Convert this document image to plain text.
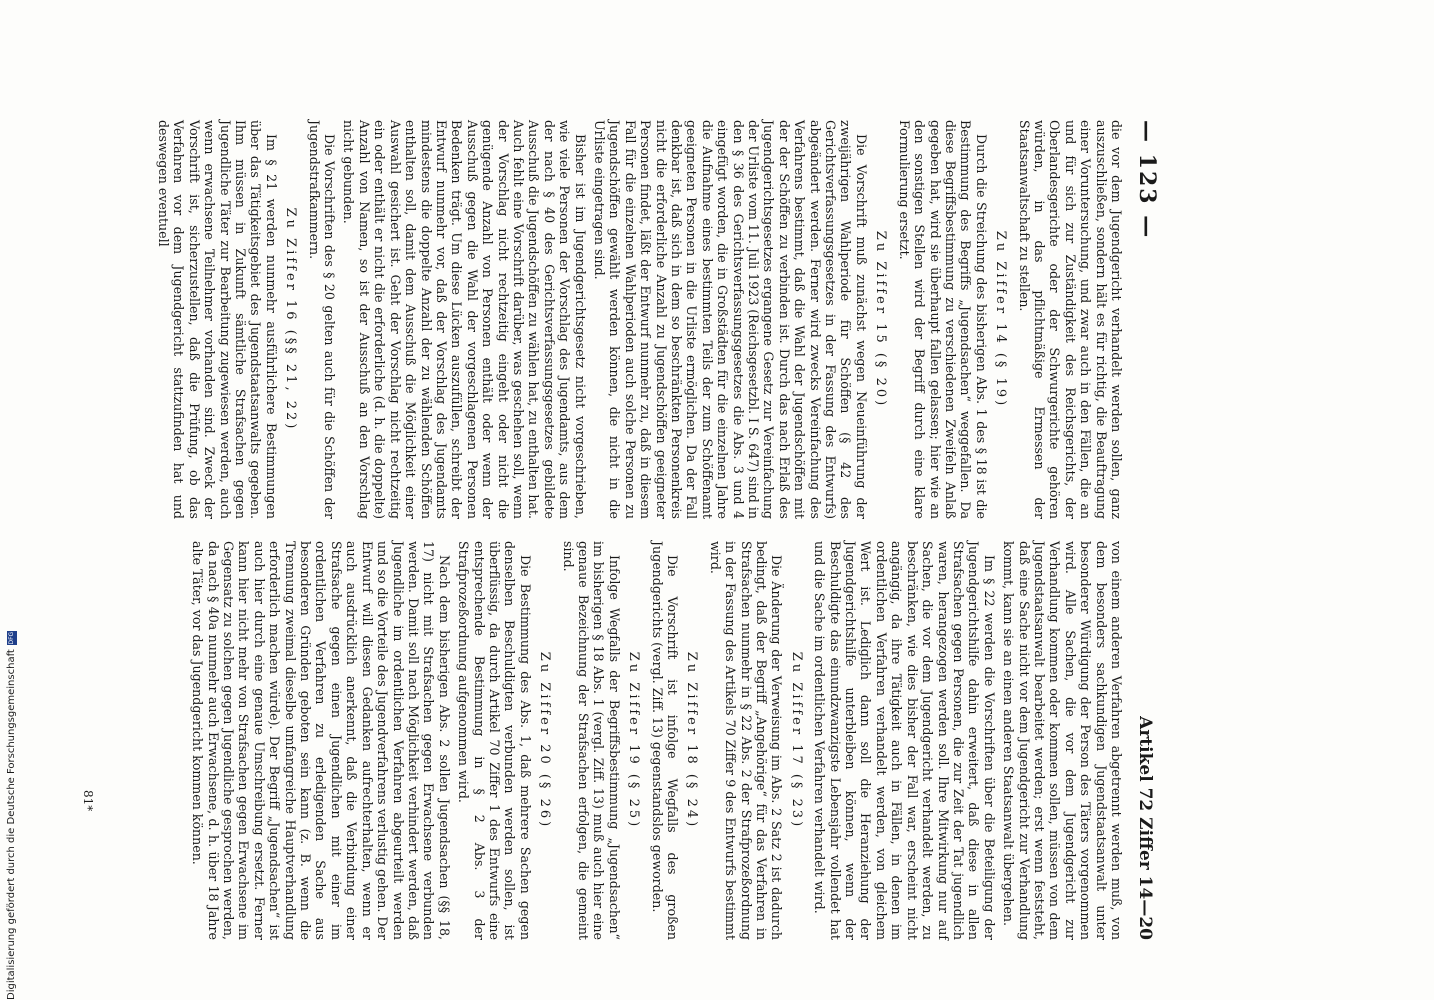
— 123 —
Artikel 72 Ziffer 14—20

die vor dem Jugendgericht verhandelt werden sollen, ganz auszuschließen, sondern hält es für richtig, die Beauftragung einer Voruntersuchung, und zwar auch in den Fällen, die an und für sich zur Zuständigkeit des Reichsgerichts, der Oberlandesgerichte oder der Schwurgerichte gehören würden, in das pflichtmäßige Ermessen der Staatsanwaltschaft zu stellen.

Zu Ziffer 14 (§ 19)

Durch die Streichung des bisherigen Abs. 1 des § 18 ist die Bestimmung des Begriffs „Jugendsachen“ weggefallen. Da diese Begriffsbestimmung zu verschiedenen Zweifeln Anlaß gegeben hat, wird sie überhaupt fallen gelassen; hier wie an den sonstigen Stellen wird der Begriff durch eine klare Formulierung ersetzt.

Zu Ziffer 15 (§ 20)

Die Vorschrift muß zunächst wegen Neueinführung der zweijährigen Wahlperiode für Schöffen (§ 42 des Gerichtsverfassungsgesetzes in der Fassung des Entwurfs) abgeändert werden. Ferner wird zwecks Vereinfachung des Verfahrens bestimmt, daß die Wahl der Jugendschöffen mit der der Schöffen zu verbinden ist. Durch das nach Erlaß des Jugendgerichtsgesetzes ergangene Gesetz zur Vereinfachung der Urliste vom 11. Juli 1923 (Reichsgesetzbl. I S. 647) sind in den § 36 des Gerichtsverfassungsgesetzes die Abs. 3 und 4 eingefügt worden, die in Großstädten für die einzelnen Jahre die Aufnahme eines bestimmten Teils der zum Schöffenamt geeigneten Personen in die Urliste ermöglichen. Da der Fall denkbar ist, daß sich in dem so beschränkten Personenkreis nicht die erforderliche Anzahl zu Jugendschöffen geeigneter Personen findet, läßt der Entwurf nunmehr zu, daß in diesem Fall für die einzelnen Wahlperioden auch solche Personen zu Jugendschöffen gewählt werden können, die nicht in die Urliste eingetragen sind.

Bisher ist im Jugendgerichtsgesetz nicht vorgeschrieben, wie viele Personen der Vorschlag des Jugendamts, aus dem der nach § 40 des Gerichtsverfassungsgesetzes gebildete Ausschuß die Jugendschöffen zu wählen hat, zu enthalten hat. Auch fehlt eine Vorschrift darüber, was geschehen soll, wenn der Vorschlag nicht rechtzeitig eingeht oder nicht die genügende Anzahl von Personen enthält oder wenn der Ausschuß gegen die Wahl der vorgeschlagenen Personen Bedenken trägt. Um diese Lücken auszufüllen, schreibt der Entwurf nunmehr vor, daß der Vorschlag des Jugendamts mindestens die doppelte Anzahl der zu wählenden Schöffen enthalten soll, damit dem Ausschuß die Möglichkeit einer Auswahl gesichert ist. Geht der Vorschlag nicht rechtzeitig ein oder enthält er nicht die erforderliche (d. h. die doppelte) Anzahl von Namen, so ist der Ausschuß an den Vorschlag nicht gebunden.

Die Vorschriften des § 20 gelten auch für die Schöffen der Jugendstrafkammern.

Zu Ziffer 16 (§§ 21, 22)

Im § 21 werden nunmehr ausführlichere Bestimmungen über das Tätigkeitsgebiet des Jugendstaatsanwalts gegeben. Ihm müssen in Zukunft sämtliche Strafsachen gegen Jugendliche Täter zur Bearbeitung zugewiesen werden, auch wenn erwachsene Teilnehmer vorhanden sind. Zweck der Vorschrift ist, sicherzustellen, daß die Prüfung, ob das Verfahren vor dem Jugendgericht stattzufinden hat und deswegen eventuell

von einem anderen Verfahren abgetrennt werden muß, von dem besonders sachkundigen Jugendstaatsanwalt unter besonderer Würdigung der Person des Täters vorgenommen wird. Alle Sachen, die vor dem Jugendgericht zur Verhandlung kommen oder kommen sollen, müssen von dem Jugendstaatsanwalt bearbeitet werden; erst wenn feststeht, daß eine Sache nicht vor dem Jugendgericht zur Verhandlung kommt, kann sie an einen anderen Staatsanwalt übergehen.

Im § 22 werden die Vorschriften über die Beteiligung der Jugendgerichtshilfe dahin erweitert, daß diese in allen Strafsachen gegen Personen, die zur Zeit der Tat jugendlich waren, herangezogen werden soll. Ihre Mitwirkung nur auf Sachen, die vor dem Jugendgericht verhandelt werden, zu beschränken, wie dies bisher der Fall war, erscheint nicht angängig, da ihre Tätigkeit auch in Fällen, in denen im ordentlichen Verfahren verhandelt werden, von gleichem Wert ist. Lediglich dann soll die Heranziehung der Jugendgerichtshilfe unterbleiben können, wenn der Beschuldigte das einundzwanzigste Lebensjahr vollendet hat und die Sache im ordentlichen Verfahren verhandelt wird.

Zu Ziffer 17 (§ 23)

Die Änderung der Verweisung im Abs. 2 Satz 2 ist dadurch bedingt, daß der Begriff „Angehörige“ für das Verfahren in Strafsachen nunmehr in § 22 Abs. 2 der Strafprozeßordnung in der Fassung des Artikels 70 Ziffer 9 des Entwurfs bestimmt wird.

Zu Ziffer 18 (§ 24)

Die Vorschrift ist infolge Wegfalls des großen Jugendgerichts (vergl. Ziff. 13) gegenstandslos geworden.

Zu Ziffer 19 (§ 25)

Infolge Wegfalls der Begriffsbestimmung „Jugendsachen“ im bisherigen § 18 Abs. 1 (vergl. Ziff. 13) muß auch hier eine genaue Bezeichnung der Strafsachen erfolgen, die gemeint sind.

Zu Ziffer 20 (§ 26)

Die Bestimmung des Abs. 1, daß mehrere Sachen gegen denselben Beschuldigten verbunden werden sollen, ist überflüssig, da durch Artikel 70 Ziffer 1 des Entwurfs eine entsprechende Bestimmung in § 2 Abs. 3 der Strafprozeßordnung aufgenommen wird.

Nach dem bisherigen Abs. 2 sollen Jugendsachen (§§ 18, 17) nicht mit Strafsachen gegen Erwachsene verbunden werden. Damit soll nach Möglichkeit verhindert werden, daß Jugendliche im ordentlichen Verfahren abgeurteilt werden und so die Vorteile des Jugendverfahrens verlustig gehen. Der Entwurf will diesen Gedanken aufrechterhalten, wenn er auch ausdrücklich anerkennt, daß die Verbindung einer Strafsache gegen einen Jugendlichen mit einer im ordentlichen Verfahren zu erledigenden Sache aus besonderen Gründen geboten sein kann (z. B. wenn die Trennung zweimal dieselbe umfangreiche Hauptverhandlung erforderlich machen würde). Der Begriff „Jugendsachen“ ist auch hier durch eine genaue Umschreibung ersetzt. Ferner kann hier nicht mehr von Strafsachen gegen Erwachsene im Gegensatz zu solchen gegen Jugendliche gesprochen werden, da nach § 40a nunmehr auch Erwachsene, d. h. über 18 Jahre alte Täter, vor das Jugendgericht kommen können.

81*
Digitalisierung gefördert durch die Deutsche Forschungsgemeinschaft
DFG
